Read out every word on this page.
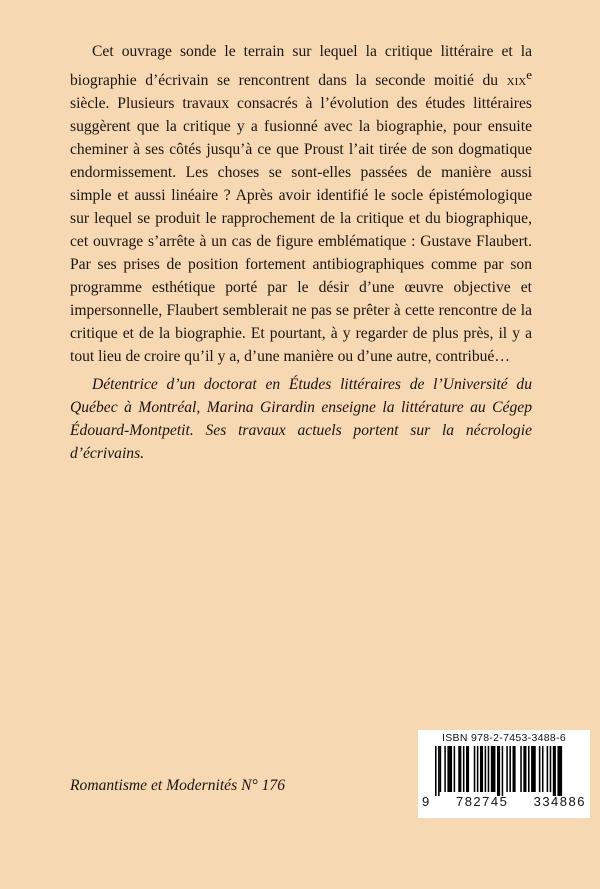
Cet ouvrage sonde le terrain sur lequel la critique littéraire et la biographie d’écrivain se rencontrent dans la seconde moitié du xix$^e$ siècle. Plusieurs travaux consacrés à l’évolution des études littéraires suggèrent que la critique y a fusionné avec la biographie, pour ensuite cheminer à ses côtés jusqu’à ce que Proust l’ait tirée de son dogmatique endormissement. Les choses se sont-elles passées de manière aussi simple et aussi linéaire ? Après avoir identifié le socle épistémologique sur lequel se produit le rapprochement de la critique et du biographique, cet ouvrage s’arrête à un cas de figure emblématique : Gustave Flaubert. Par ses prises de position fortement antibiographiques comme par son programme esthétique porté par le désir d’une œuvre objective et impersonnelle, Flaubert semblerait ne pas se prêter à cette rencontre de la critique et de la biographie. Et pourtant, à y regarder de plus près, il y a tout lieu de croire qu’il y a, d’une manière ou d’une autre, contribué…

Détentrice d’un doctorat en Études littéraires de l’Université du Québec à Montréal, Marina Girardin enseigne la littérature au Cégep Édouard-Montpetit. Ses travaux actuels portent sur la nécrologie d’écrivains.

Romantisme et Modernités N° 176

ISBN 978-2-7453-3488-6
9 782745 334886
